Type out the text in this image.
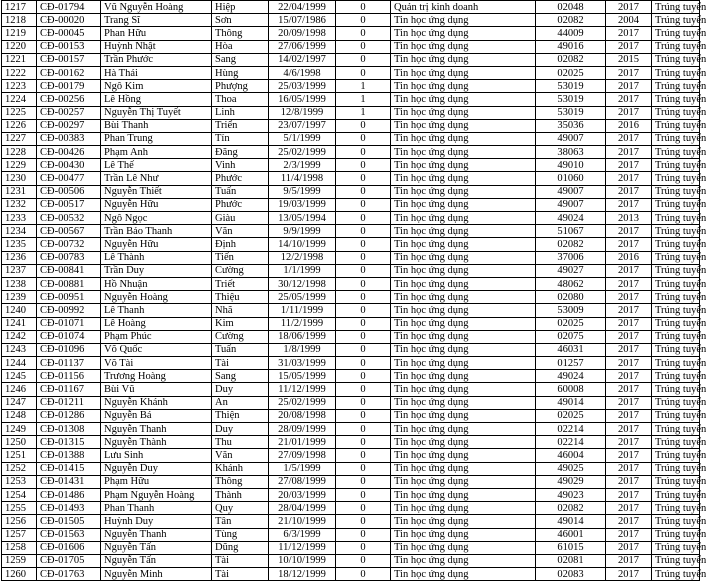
1217	CĐ-01794	Vũ Nguyễn Hoàng	Hiệp	22/04/1999	0	Quản trị kinh doanh	02048	2017	Trúng tuyển
1218	CĐ-00020	Trang Sĩ	Sơn	15/07/1986	0	Tin học ứng dụng	02082	2004	Trúng tuyển
1219	CĐ-00045	Phan Hữu	Thông	20/09/1998	0	Tin học ứng dụng	44009	2017	Trúng tuyển
1220	CĐ-00153	Huỳnh Nhật	Hòa	27/06/1999	0	Tin học ứng dụng	49016	2017	Trúng tuyển
1221	CĐ-00157	Trần Phước	Sang	14/02/1997	0	Tin học ứng dụng	02082	2015	Trúng tuyển
1222	CĐ-00162	Hà Thái	Hùng	4/6/1998	0	Tin học ứng dụng	02025	2017	Trúng tuyển
1223	CĐ-00179	Ngô Kim	Phượng	25/03/1999	1	Tin học ứng dụng	53019	2017	Trúng tuyển
1224	CĐ-00256	Lê Hồng	Thoa	16/05/1999	1	Tin học ứng dụng	53019	2017	Trúng tuyển
1225	CĐ-00257	Nguyễn Thị Tuyết	Linh	12/8/1999	1	Tin học ứng dụng	53019	2017	Trúng tuyển
1226	CĐ-00297	Bùi Thanh	Triển	23/07/1997	0	Tin học ứng dụng	35036	2016	Trúng tuyển
1227	CĐ-00383	Phan Trung	Tín	5/1/1999	0	Tin học ứng dụng	49007	2017	Trúng tuyển
1228	CĐ-00426	Phạm Anh	Đăng	25/02/1999	0	Tin học ứng dụng	38063	2017	Trúng tuyển
1229	CĐ-00430	Lê Thế	Vinh	2/3/1999	0	Tin học ứng dụng	49010	2017	Trúng tuyển
1230	CĐ-00477	Trần Lê Như	Phước	11/4/1998	0	Tin học ứng dụng	01060	2017	Trúng tuyển
1231	CĐ-00506	Nguyễn Thiết	Tuấn	9/5/1999	0	Tin học ứng dụng	49007	2017	Trúng tuyển
1232	CĐ-00517	Nguyễn Hữu	Phước	19/03/1999	0	Tin học ứng dụng	49007	2017	Trúng tuyển
1233	CĐ-00532	Ngô Ngọc	Giàu	13/05/1994	0	Tin học ứng dụng	49024	2013	Trúng tuyển
1234	CĐ-00567	Trần Bảo Thanh	Văn	9/9/1999	0	Tin học ứng dụng	51067	2017	Trúng tuyển
1235	CĐ-00732	Nguyễn Hữu	Định	14/10/1999	0	Tin học ứng dụng	02082	2017	Trúng tuyển
1236	CĐ-00783	Lê Thành	Tiến	12/2/1998	0	Tin học ứng dụng	37006	2016	Trúng tuyển
1237	CĐ-00841	Trần Duy	Cường	1/1/1999	0	Tin học ứng dụng	49027	2017	Trúng tuyển
1238	CĐ-00881	Hồ Nhuận	Triết	30/12/1998	0	Tin học ứng dụng	48062	2017	Trúng tuyển
1239	CĐ-00951	Nguyễn Hoàng	Thiệu	25/05/1999	0	Tin học ứng dụng	02080	2017	Trúng tuyển
1240	CĐ-00992	Lê Thanh	Nhã	1/11/1999	0	Tin học ứng dụng	53009	2017	Trúng tuyển
1241	CĐ-01071	Lê Hoàng	Kim	11/2/1999	0	Tin học ứng dụng	02025	2017	Trúng tuyển
1242	CĐ-01074	Phạm Phúc	Cường	18/06/1999	0	Tin học ứng dụng	02075	2017	Trúng tuyển
1243	CĐ-01096	Võ Quốc	Tuấn	1/8/1999	0	Tin học ứng dụng	46031	2017	Trúng tuyển
1244	CĐ-01137	Võ Tài	Tài	31/03/1999	0	Tin học ứng dụng	01257	2017	Trúng tuyển
1245	CĐ-01156	Trương Hoàng	Sang	15/05/1999	0	Tin học ứng dụng	49024	2017	Trúng tuyển
1246	CĐ-01167	Bùi Vũ	Duy	11/12/1999	0	Tin học ứng dụng	60008	2017	Trúng tuyển
1247	CĐ-01211	Nguyễn Khánh	An	25/02/1999	0	Tin học ứng dụng	49014	2017	Trúng tuyển
1248	CĐ-01286	Nguyễn Bá	Thiện	20/08/1998	0	Tin học ứng dụng	02025	2017	Trúng tuyển
1249	CĐ-01308	Nguyễn Thanh	Duy	28/09/1999	0	Tin học ứng dụng	02214	2017	Trúng tuyển
1250	CĐ-01315	Nguyễn Thành	Thu	21/01/1999	0	Tin học ứng dụng	02214	2017	Trúng tuyển
1251	CĐ-01388	Lưu Sinh	Văn	27/09/1998	0	Tin học ứng dụng	46004	2017	Trúng tuyển
1252	CĐ-01415	Nguyễn Duy	Khánh	1/5/1999	0	Tin học ứng dụng	49025	2017	Trúng tuyển
1253	CĐ-01431	Phạm Hữu	Thông	27/08/1999	0	Tin học ứng dụng	49029	2017	Trúng tuyển
1254	CĐ-01486	Phạm Nguyễn Hoàng	Thành	20/03/1999	0	Tin học ứng dụng	49023	2017	Trúng tuyển
1255	CĐ-01493	Phan Thanh	Quy	28/04/1999	0	Tin học ứng dụng	02082	2017	Trúng tuyển
1256	CĐ-01505	Huỳnh Duy	Tân	21/10/1999	0	Tin học ứng dụng	49014	2017	Trúng tuyển
1257	CĐ-01563	Nguyễn Thanh	Tùng	6/3/1999	0	Tin học ứng dụng	46001	2017	Trúng tuyển
1258	CĐ-01606	Nguyễn Tấn	Dũng	11/12/1999	0	Tin học ứng dụng	61015	2017	Trúng tuyển
1259	CĐ-01705	Nguyễn Tấn	Tài	10/10/1999	0	Tin học ứng dụng	02081	2017	Trúng tuyển
1260	CĐ-01763	Nguyễn Minh	Tài	18/12/1999	0	Tin học ứng dụng	02083	2017	Trúng tuyển
